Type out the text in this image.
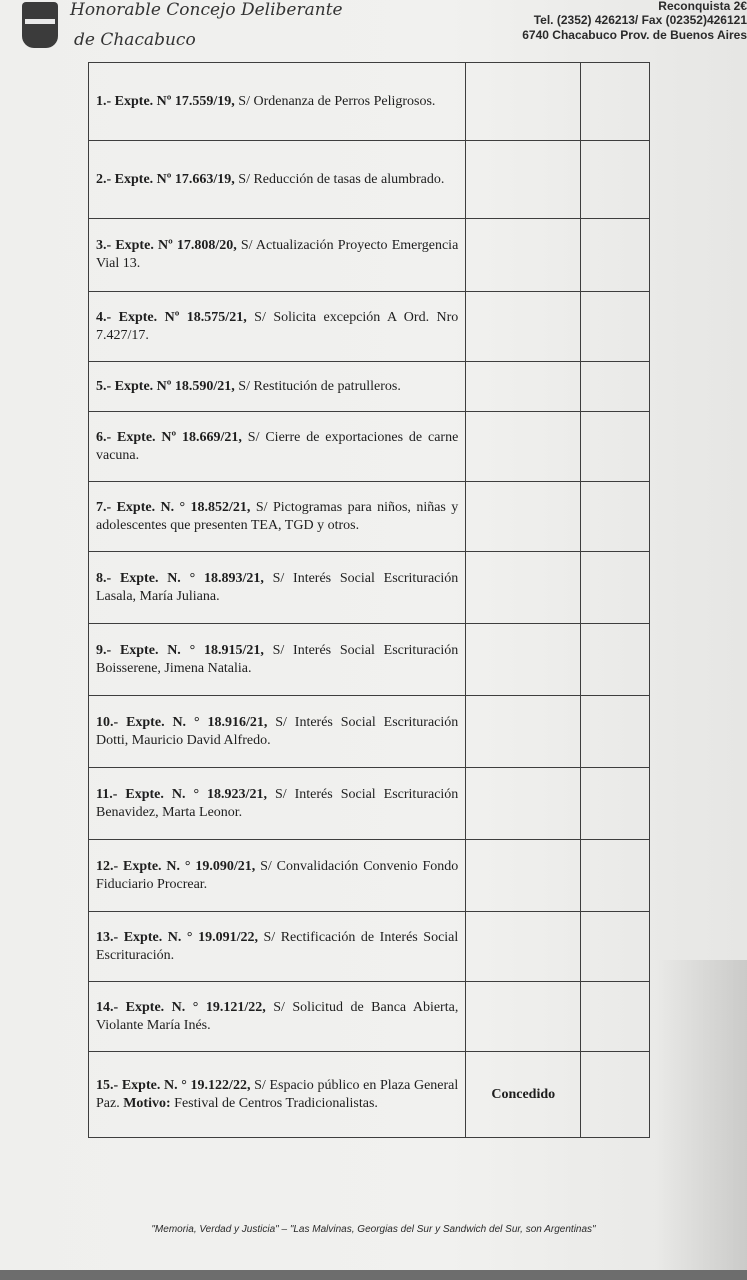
Honorable Concejo Deliberante
de Chacabuco
Reconquista 2€
Tel. (2352) 426213/ Fax (02352)426121
6740 Chacabuco Prov. de Buenos Aires
1.- Expte. Nº 17.559/19, S/ Ordenanza de Perros Peligrosos.		
2.- Expte. Nº 17.663/19, S/ Reducción de tasas de alumbrado.		
3.- Expte. Nº 17.808/20, S/ Actualización Proyecto Emergencia Vial 13.		
4.- Expte. Nº 18.575/21, S/ Solicita excepción A Ord. Nro 7.427/17.		
5.- Expte. Nº 18.590/21, S/ Restitución de patrulleros.		
6.- Expte. Nº 18.669/21, S/ Cierre de exportaciones de carne vacuna.		
7.- Expte. N. ° 18.852/21, S/ Pictogramas para niños, niñas y adolescentes que presenten TEA, TGD y otros.		
8.- Expte. N. ° 18.893/21, S/ Interés Social Escrituración Lasala, María Juliana.		
9.- Expte. N. ° 18.915/21, S/ Interés Social Escrituración Boisserene, Jimena Natalia.		
10.- Expte. N. ° 18.916/21, S/ Interés Social Escrituración Dotti, Mauricio David Alfredo.		
11.- Expte. N. ° 18.923/21, S/ Interés Social Escrituración Benavidez, Marta Leonor.		
12.- Expte. N. ° 19.090/21, S/ Convalidación Convenio Fondo Fiduciario Procrear.		
13.- Expte. N. ° 19.091/22, S/ Rectificación de Interés Social Escrituración.		
14.- Expte. N. ° 19.121/22, S/ Solicitud de Banca Abierta, Violante María Inés.		
15.- Expte. N. ° 19.122/22, S/ Espacio público en Plaza General Paz. Motivo: Festival de Centros Tradicionalistas.	Concedido	
"Memoria, Verdad y Justicia" – "Las Malvinas, Georgias del Sur y Sandwich del Sur, son Argentinas"
